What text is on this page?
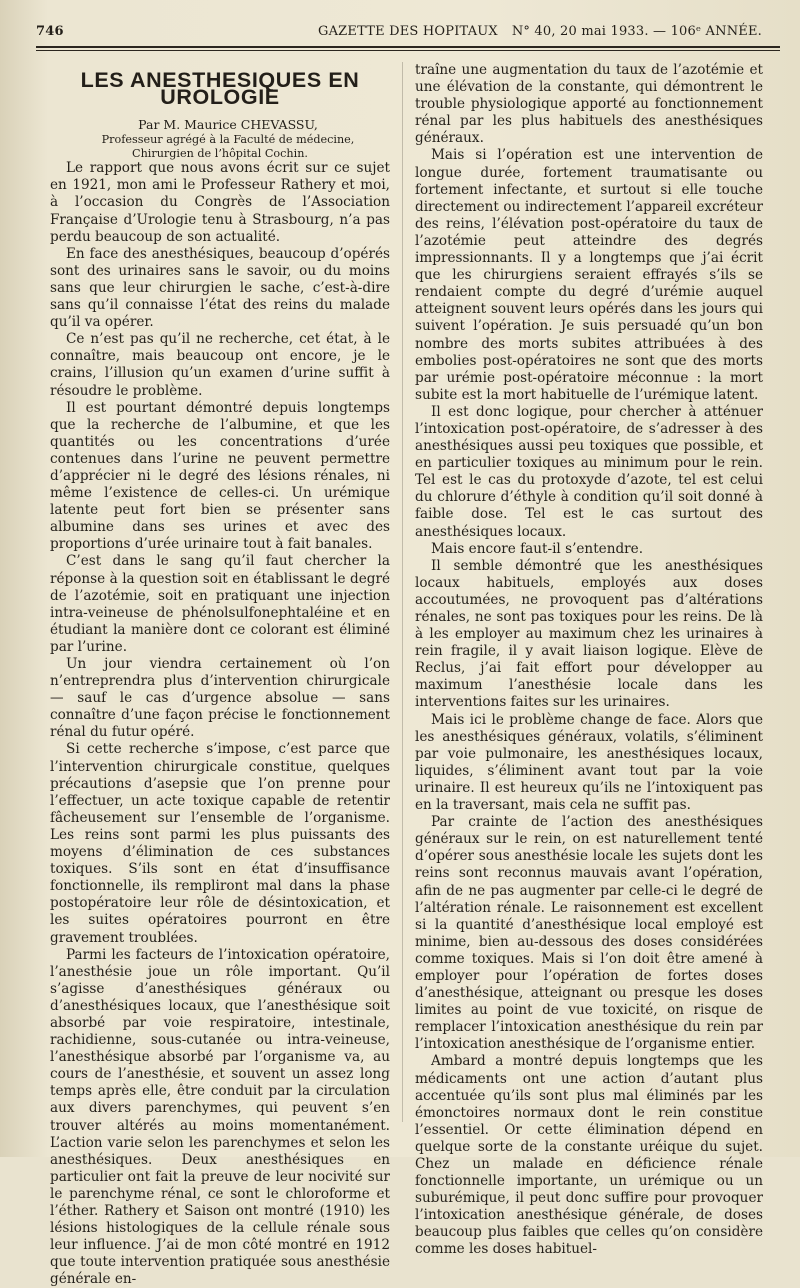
746	GAZETTE DES HOPITAUX N° 40, 20 mai 1933. — 106ᵉ ANNÉE.
LES ANESTHESIQUES EN UROLOGIE

Par M. Maurice CHEVASSU,

Professeur agrégé à la Faculté de médecine,
Chirurgien de l’hôpital Cochin.

Le rapport que nous avons écrit sur ce sujet en 1921, mon ami le Professeur Rathery et moi, à l’occasion du Congrès de l’Association Française d’Urologie tenu à Strasbourg, n’a pas perdu beaucoup de son actualité.

En face des anesthésiques, beaucoup d’opérés sont des urinaires sans le savoir, ou du moins sans que leur chirurgien le sache, c’est-à-dire sans qu’il connaisse l’état des reins du malade qu’il va opérer.

Ce n’est pas qu’il ne recherche, cet état, à le connaître, mais beaucoup ont encore, je le crains, l’illusion qu’un examen d’urine suffit à résoudre le problème.

Il est pourtant démontré depuis longtemps que la recherche de l’albumine, et que les quantités ou les concentrations d’urée contenues dans l’urine ne peuvent permettre d’apprécier ni le degré des lésions rénales, ni même l’existence de celles-ci. Un urémique latente peut fort bien se présenter sans albumine dans ses urines et avec des proportions d’urée urinaire tout à fait banales.

C’est dans le sang qu’il faut chercher la réponse à la question soit en établissant le degré de l’azotémie, soit en pratiquant une injection intra-veineuse de phénolsulfonephtaléine et en étudiant la manière dont ce colorant est éliminé par l’urine.

Un jour viendra certainement où l’on n’entreprendra plus d’intervention chirurgicale — sauf le cas d’urgence absolue — sans connaître d’une façon précise le fonctionnement rénal du futur opéré.

Si cette recherche s’impose, c’est parce que l’intervention chirurgicale constitue, quelques précautions d’asepsie que l’on prenne pour l’effectuer, un acte toxique capable de retentir fâcheusement sur l’ensemble de l’organisme. Les reins sont parmi les plus puissants des moyens d’élimination de ces substances toxiques. S’ils sont en état d’insuffisance fonctionnelle, ils rempliront mal dans la phase postopératoire leur rôle de désintoxication, et les suites opératoires pourront en être gravement troublées.

Parmi les facteurs de l’intoxication opératoire, l’anesthésie joue un rôle important. Qu’il s’agisse d’anesthésiques généraux ou d’anesthésiques locaux, que l’anesthésique soit absorbé par voie respiratoire, intestinale, rachidienne, sous-cutanée ou intra-veineuse, l’anesthésique absorbé par l’organisme va, au cours de l’anesthésie, et souvent un assez long temps après elle, être conduit par la circulation aux divers parenchymes, qui peuvent s’en trouver altérés au moins momentanément. L’action varie selon les parenchymes et selon les anesthésiques. Deux anesthésiques en particulier ont fait la preuve de leur nocivité sur le parenchyme rénal, ce sont le chloroforme et l’éther. Rathery et Saison ont montré (1910) les lésions histologiques de la cellule rénale sous leur influence. J’ai de mon côté montré en 1912 que toute intervention pratiquée sous anesthésie générale en-

traîne une augmentation du taux de l’azotémie et une élévation de la constante, qui démontrent le trouble physiologique apporté au fonctionnement rénal par les plus habituels des anesthésiques généraux.

Mais si l’opération est une intervention de longue durée, fortement traumatisante ou fortement infectante, et surtout si elle touche directement ou indirectement l’appareil excréteur des reins, l’élévation post-opératoire du taux de l’azotémie peut atteindre des degrés impressionnants. Il y a longtemps que j’ai écrit que les chirurgiens seraient effrayés s’ils se rendaient compte du degré d’urémie auquel atteignent souvent leurs opérés dans les jours qui suivent l’opération. Je suis persuadé qu’un bon nombre des morts subites attribuées à des embolies post-opératoires ne sont que des morts par urémie post-opératoire méconnue : la mort subite est la mort habituelle de l’urémique latent.

Il est donc logique, pour chercher à atténuer l’intoxication post-opératoire, de s’adresser à des anesthésiques aussi peu toxiques que possible, et en particulier toxiques au minimum pour le rein. Tel est le cas du protoxyde d’azote, tel est celui du chlorure d’éthyle à condition qu’il soit donné à faible dose. Tel est le cas surtout des anesthésiques locaux.

Mais encore faut-il s’entendre.

Il semble démontré que les anesthésiques locaux habituels, employés aux doses accoutumées, ne provoquent pas d’altérations rénales, ne sont pas toxiques pour les reins. De là à les employer au maximum chez les urinaires à rein fragile, il y avait liaison logique. Elève de Reclus, j’ai fait effort pour développer au maximum l’anesthésie locale dans les interventions faites sur les urinaires.

Mais ici le problème change de face. Alors que les anesthésiques généraux, volatils, s’éliminent par voie pulmonaire, les anesthésiques locaux, liquides, s’éliminent avant tout par la voie urinaire. Il est heureux qu’ils ne l’intoxiquent pas en la traversant, mais cela ne suffit pas.

Par crainte de l’action des anesthésiques généraux sur le rein, on est naturellement tenté d’opérer sous anesthésie locale les sujets dont les reins sont reconnus mauvais avant l’opération, afin de ne pas augmenter par celle-ci le degré de l’altération rénale. Le raisonnement est excellent si la quantité d’anesthésique local employé est minime, bien au-dessous des doses considérées comme toxiques. Mais si l’on doit être amené à employer pour l’opération de fortes doses d’anesthésique, atteignant ou presque les doses limites au point de vue toxicité, on risque de remplacer l’intoxication anesthésique du rein par l’intoxication anesthésique de l’organisme entier.

Ambard a montré depuis longtemps que les médicaments ont une action d’autant plus accentuée qu’ils sont plus mal éliminés par les émonctoires normaux dont le rein constitue l’essentiel. Or cette élimination dépend en quelque sorte de la constante uréique du sujet. Chez un malade en déficience rénale fonctionnelle importante, un urémique ou un suburémique, il peut donc suffire pour provoquer l’intoxication anesthésique générale, de doses beaucoup plus faibles que celles qu’on considère comme les doses habituel-
